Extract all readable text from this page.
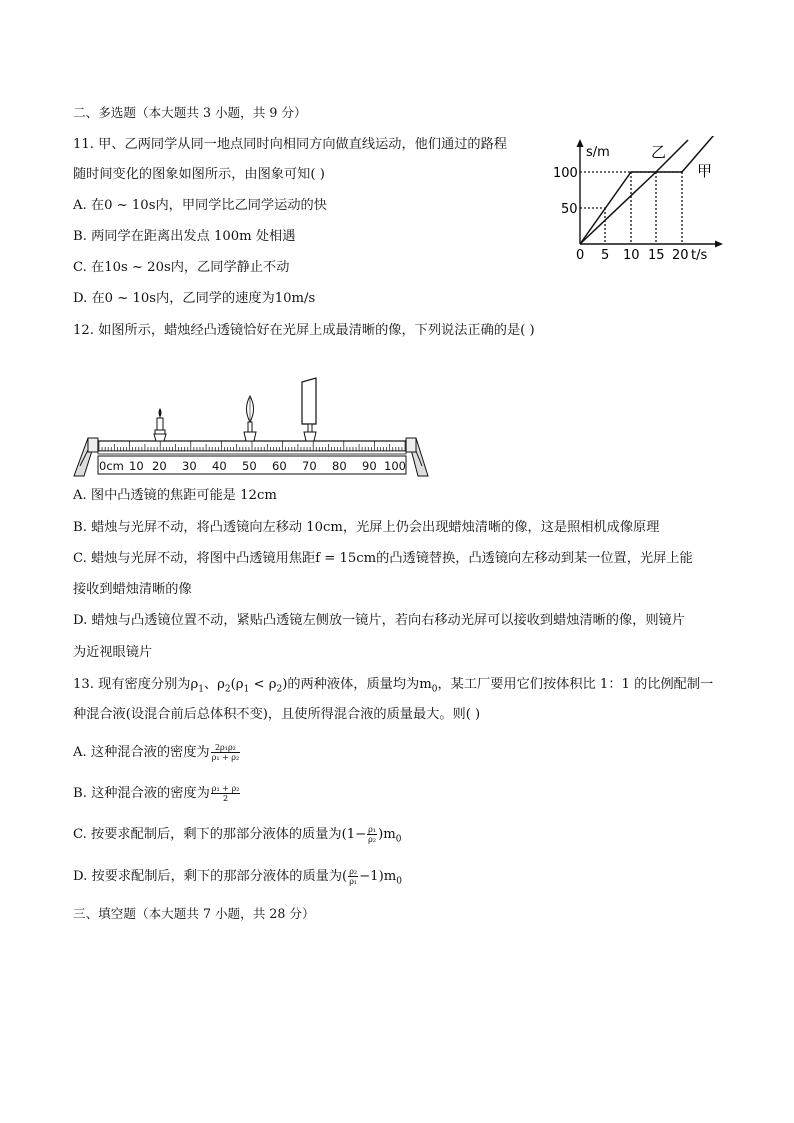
二、多选题（本大题共 3 小题，共 9 分）
11. 甲、乙两同学从同一地点同时向相同方向做直线运动，他们通过的路程
随时间变化的图象如图所示，由图象可知( )
A. 在0 ~ 10s内，甲同学比乙同学运动的快
B. 两同学在距离出发点 100m 处相遇
C. 在10s ~ 20s内，乙同学静止不动
D. 在0 ~ 10s内，乙同学的速度为10m/s
s/m
t/s
乙
甲
100
50
0 5 10 15 20
12. 如图所示，蜡烛经凸透镜恰好在光屏上成最清晰的像，下列说法正确的是( )
0cm 10 20 30 40 50 60 70 80 90 100
A. 图中凸透镜的焦距可能是 12cm
B. 蜡烛与光屏不动，将凸透镜向左移动 10cm，光屏上仍会出现蜡烛清晰的像，这是照相机成像原理
C. 蜡烛与光屏不动，将图中凸透镜用焦距f = 15cm的凸透镜替换，凸透镜向左移动到某一位置，光屏上能
接收到蜡烛清晰的像
D. 蜡烛与凸透镜位置不动，紧贴凸透镜左侧放一镜片，若向右移动光屏可以接收到蜡烛清晰的像，则镜片
为近视眼镜片
13. 现有密度分别为$\rho_1$、$\rho_2(\rho_1 < \rho_2)$的两种液体，质量均为$m_0$，某工厂要用它们按体积比 1：1 的比例配制一
种混合液(设混合前后总体积不变)，且使所得混合液的质量最大。则( )
A. 这种混合液的密度为 $\frac{\text{2ρ₁ρ₂}}{\text{ρ₁ + ρ₂}}$
B. 这种混合液的密度为 $\frac{\text{ρ₁ + ρ₂}}{2}$
C. 按要求配制后，剩下的那部分液体的质量为$(1- \frac{\text{ρ₁}}{\text{ρ₂}} )m_0$
D. 按要求配制后，剩下的那部分液体的质量为( $\frac{\text{ρ₂}}{\text{ρ₁}} -1)m_0$
三、填空题（本大题共 7 小题，共 28 分）
